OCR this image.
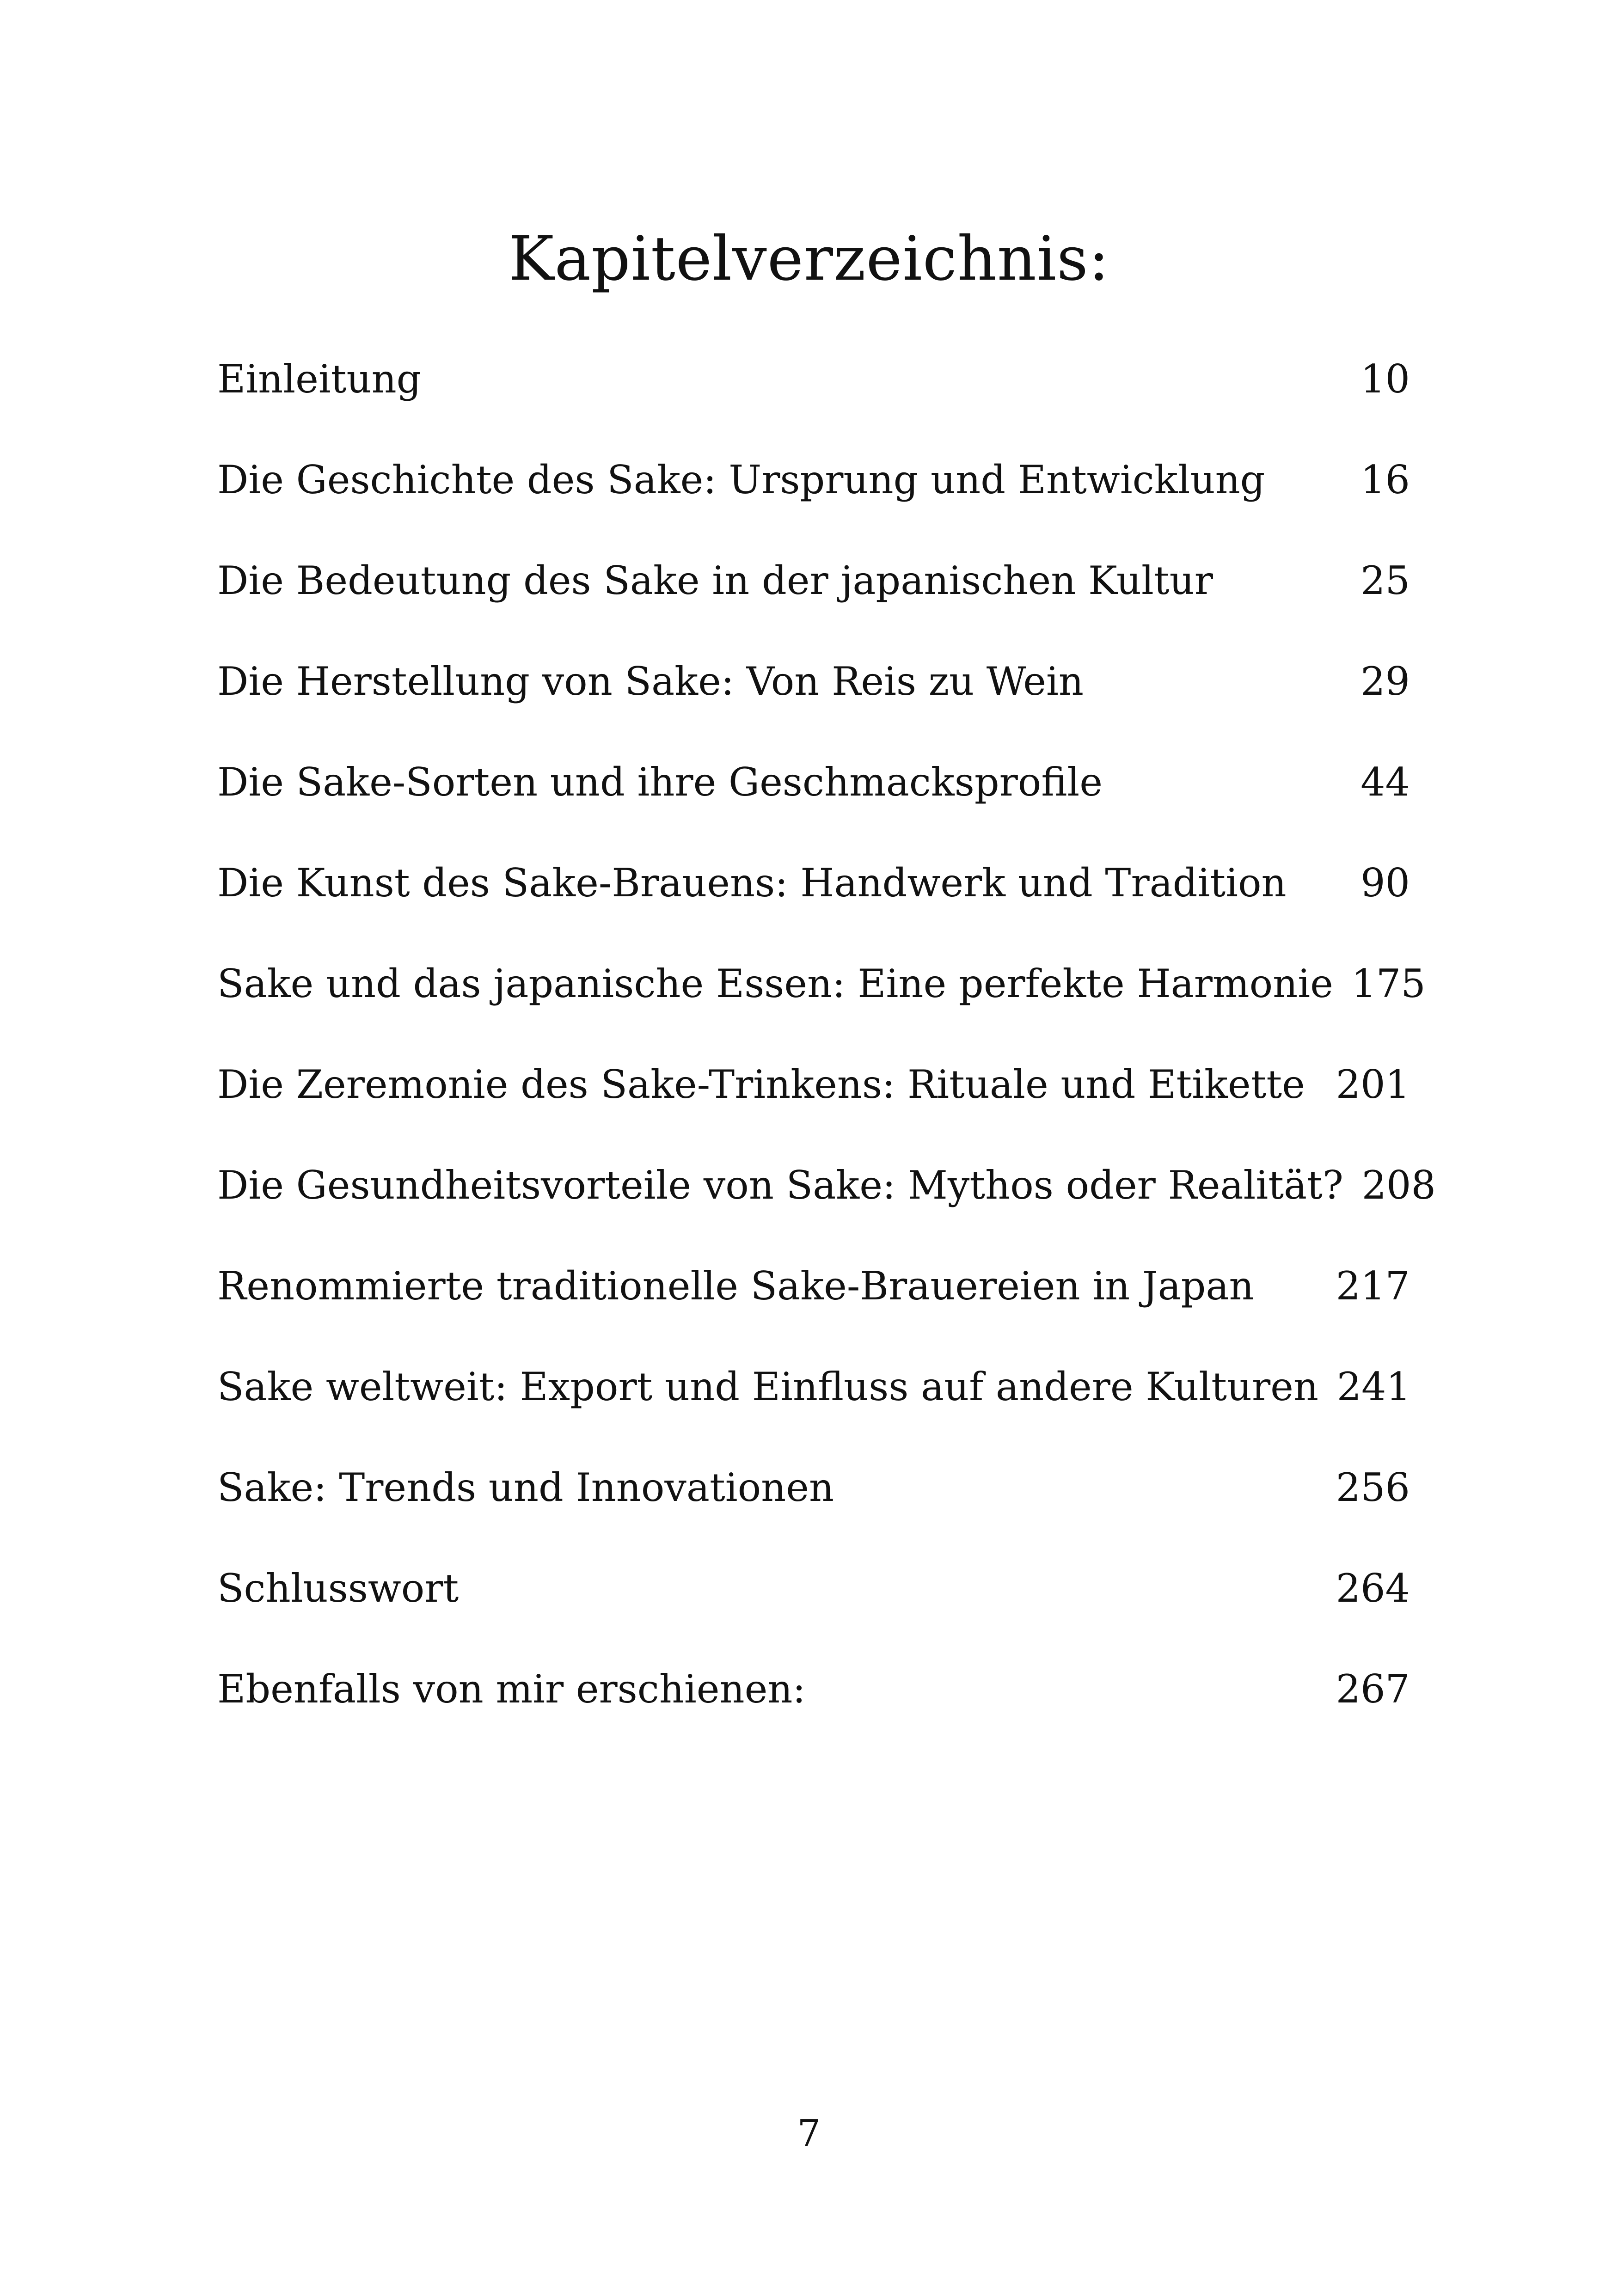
Kapitelverzeichnis:
Einleitung	10
Die Geschichte des Sake: Ursprung und Entwicklung	16
Die Bedeutung des Sake in der japanischen Kultur	25
Die Herstellung von Sake: Von Reis zu Wein	29
Die Sake-Sorten und ihre Geschmacksprofile	44
Die Kunst des Sake-Brauens: Handwerk und Tradition	90
Sake und das japanische Essen: Eine perfekte Harmonie 175
Die Zeremonie des Sake-Trinkens: Rituale und Etikette 201
Die Gesundheitsvorteile von Sake: Mythos oder Realität? 208
Renommierte traditionelle Sake-Brauereien in Japan	217
Sake weltweit: Export und Einfluss auf andere Kulturen 241
Sake: Trends und Innovationen	256
Schlusswort	264
Ebenfalls von mir erschienen:	267
7
